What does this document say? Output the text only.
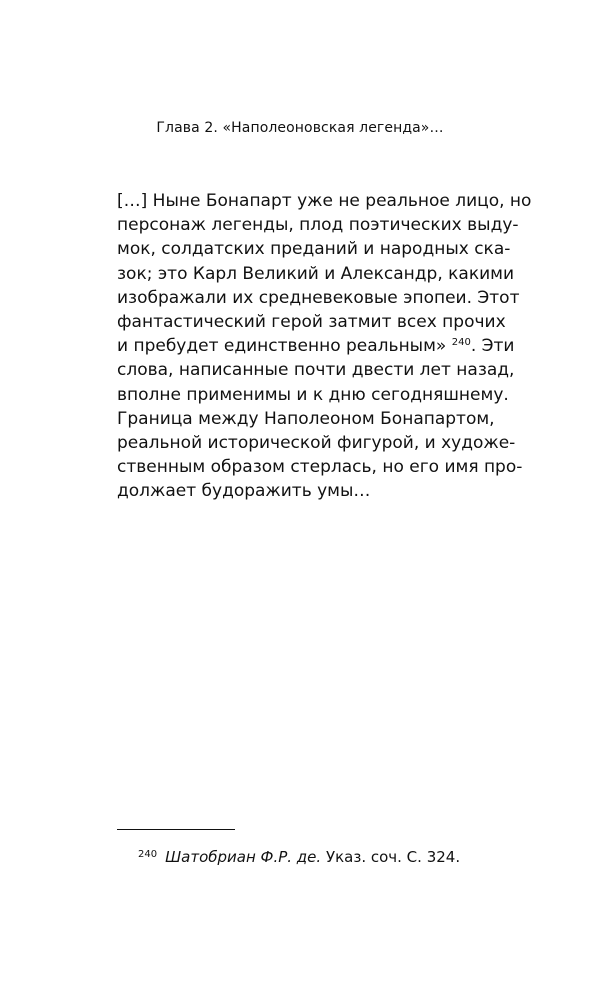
Глава 2. «Наполеоновская легенда»…
[…] Ныне Бонапарт уже не реальное лицо, но
персонаж легенды, плод поэтических выду-
мок, солдатских преданий и народных ска-
зок; это Карл Великий и Александр, какими
изображали их средневековые эпопеи. Этот
фантастический герой затмит всех прочих
и пребудет единственно реальным» $^{240}$. Эти
слова, написанные почти двести лет назад,
вполне применимы и к дню сегодняшнему.
Граница между Наполеоном Бонапартом,
реальной исторической фигурой, и художе-
ственным образом стерлась, но его имя про-
должает будоражить умы…
$^{240}$ Шатобриан Ф.Р. де. Указ. соч. С. 324.
